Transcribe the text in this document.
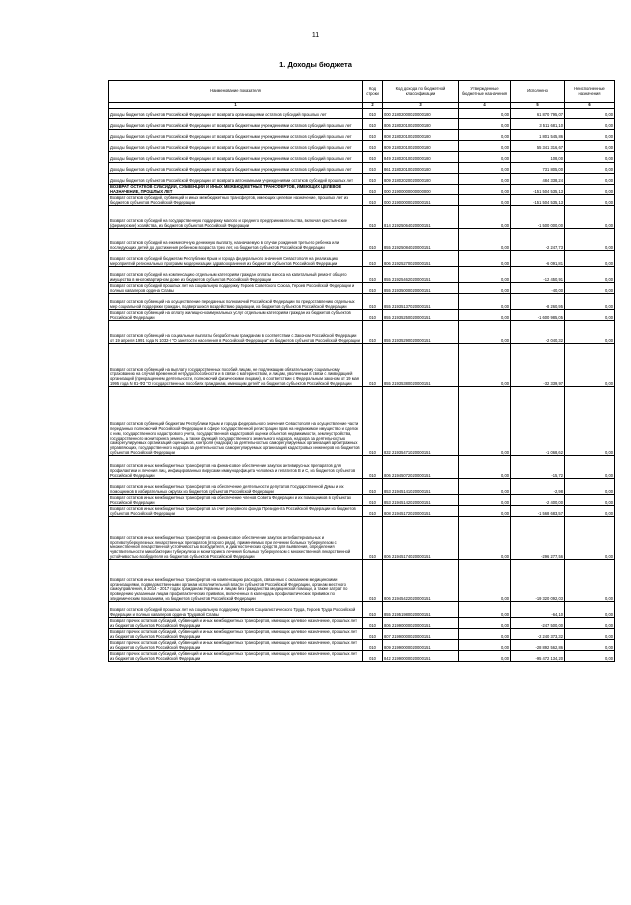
11
1. Доходы бюджета
Наименование показателя	Код строки	Код дохода по бюджетной классификации	Утвержденные бюджетные назначения	Исполнено	Неисполненные назначения
1	2	3	4	5	6
Доходы бюджетов субъектов Российской Федерации от возврата организациями остатков субсидий прошлых лет	010	000 21802000020000180	0,00	61 870 795,07	0,00
Доходы бюджетов субъектов Российской Федерации от возврата бюджетными учреждениями остатков субсидий прошлых лет	010	806 21802010020000180	0,00	3 511 681,10	0,00
Доходы бюджетов субъектов Российской Федерации от возврата бюджетными учреждениями остатков субсидий прошлых лет	010	808 21802010020000180	0,00	1 801 545,86	0,00
Доходы бюджетов субъектов Российской Федерации от возврата бюджетными учреждениями остатков субсидий прошлых лет	010	809 21802010020000180	0,00	55 341 316,67	0,00
Доходы бюджетов субъектов Российской Федерации от возврата бюджетными учреждениями остатков субсидий прошлых лет	010	849 21802010020000180	0,00	108,00	0,00
Доходы бюджетов субъектов Российской Федерации от возврата бюджетными учреждениями остатков субсидий прошлых лет	010	861 21802010020000180	0,00	731 805,00	0,00
Доходы бюджетов субъектов Российской Федерации от возврата автономными учреждениями остатков субсидий прошлых лет	010	809 21802020020000180	0,00	484 338,24	0,00
ВОЗВРАТ ОСТАТКОВ СУБСИДИЙ, СУБВЕНЦИЙ И ИНЫХ МЕЖБЮДЖЕТНЫХ ТРАНСФЕРТОВ, ИМЕЮЩИХ ЦЕЛЕВОЕ НАЗНАЧЕНИЕ, ПРОШЛЫХ ЛЕТ	010	000 21900000000000000	0,00	-151 504 535,13	0,00
Возврат остатков субсидий, субвенций и иных межбюджетных трансфертов, имеющих целевое назначение, прошлых лет из бюджетов субъектов Российской Федерации	010	000 21900000020000151	0,00	-151 504 535,13	0,00
Возврат остатков субсидий на государственную поддержку малого и среднего предпринимательства, включая крестьянские (фермерские) хозяйства, из бюджетов субъектов Российской Федерации	010	814 21925064020000151	0,00	-1 500 000,00	0,00
Возврат остатков субсидий на ежемесячную денежную выплату, назначаемую в случае рождения третьего ребенка или последующих детей до достижения ребенком возраста трех лет, из бюджетов субъектов Российской Федерации	010	855 21925084020000151	0,00	-2 247,73	0,00
Возврат остатков субсидий бюджетам Республики Крым и города федерального значения Севастополя на реализацию мероприятий региональных программ модернизации здравоохранения из бюджетов субъектов Российской Федерации	010	806 21925270020000151	0,00	-6 091,81	0,00
Возврат остатков субсидий на компенсацию отдельным категориям граждан оплаты взноса на капитальный ремонт общего имущества в многоквартирном доме из бюджетов субъектов Российской Федерации	010	855 21925462020000151	0,00	-12 450,91	0,00
Возврат остатков субсидий прошлых лет на социальную поддержку Героев Советского Союза, Героев Российской Федерации и полных кавалеров ордена Славы	010	855 21935000020000151	0,00	-40,00	0,00
Возврат остатков субвенций на осуществление переданных полномочий Российской Федерации по предоставлению отдельных мер социальной поддержки граждан, подвергшихся воздействию радиации, из бюджетов субъектов Российской Федерации	010	855 21935137020000151	0,00	-8 260,95	0,00
Возврат остатков субвенций на оплату жилищно-коммунальных услуг отдельным категориям граждан из бюджетов субъектов Российской Федерации	010	855 21935250020000151	0,00	-1 600 985,05	0,00
Возврат остатков субвенций на социальные выплаты безработным гражданам в соответствии с Законом Российской Федерации от 19 апреля 1991 года N 1032-I "О занятости населения в Российской Федерации" из бюджетов субъектов Российской Федерации	010	855 21935290020000151	0,00	-2 040,32	0,00
Возврат остатков субвенций на выплату государственных пособий лицам, не подлежащим обязательному социальному страхованию на случай временной нетрудоспособности и в связи с материнством, и лицам, уволенным в связи с ликвидацией организаций (прекращением деятельности, полномочий физическими лицами), в соответствии с Федеральным законом от 19 мая 1995 года N 81-ФЗ "О государственных пособиях гражданам, имеющим детей" из бюджетов субъектов Российской Федерации	010	855 21935380020000151	0,00	-32 339,97	0,00
Возврат остатков субвенций бюджетам Республики Крым и города федерального значения Севастополя на осуществление части переданных полномочий Российской Федерации в сфере государственной регистрации прав на недвижимое имущество и сделок с ним, государственного кадастрового учета, государственной кадастровой оценки объектов недвижимости, землеустройства, государственного мониторинга земель, а также функций государственного земельного надзора, надзора за деятельностью саморегулируемых организаций оценщиков, контроля (надзора) за деятельностью саморегулируемых организаций арбитражных управляющих, государственного надзора за деятельностью саморегулируемых организаций кадастровых инженеров из бюджетов субъектов Российской Федерации	010	832 21935471020000151	0,00	-1 068,62	0,00
Возврат остатков иных межбюджетных трансфертов на финансовое обеспечение закупок антивирусных препаратов для профилактики и лечения лиц, инфицированных вирусами иммунодефицита человека и гепатитов B и C, из бюджетов субъектов Российской Федерации	010	806 21945072020000151	0,00	-15,72	0,00
Возврат остатков иных межбюджетных трансфертов на обеспечение деятельности депутатов Государственной Думы и их помощников в избирательных округах из бюджетов субъектов Российской Федерации	010	853 21945141020000151	0,00	-2,98	0,00
Возврат остатков иных межбюджетных трансфертов на обеспечение членов Совета Федерации и их помощников в субъектах Российской Федерации	010	853 21945142020000151	0,00	-2 400,00	0,00
Возврат остатков иных межбюджетных трансфертов за счет резервного фонда Президента Российской Федерации из бюджетов субъектов Российской Федерации	010	808 21945172020000151	0,00	-1 568 683,57	0,00
Возврат остатков иных межбюджетных трансфертов на финансовое обеспечение закупок антибактериальных и противотуберкулезных лекарственных препаратов (второго ряда), применяемых при лечении больных туберкулезом с множественной лекарственной устойчивостью возбудителя, и диагностических средств для выявления, определения чувствительности микобактерии туберкулеза и мониторинга лечения больных туберкулезом с множественной лекарственной устойчивостью возбудителя из бюджетов субъектов Российской Федерации	010	806 21945174020000151	0,00	-296 277,56	0,00
Возврат остатков иных межбюджетных трансфертов на компенсацию расходов, связанных с оказанием медицинскими организациями, подведомственными органам исполнительной власти субъектов Российской Федерации, органам местного самоуправления, в 2014 - 2017 годах гражданам Украины и лицам без гражданства медицинской помощи, а также затрат по проведению указанным лицам профилактических прививок, включенных в календарь профилактических прививок по эпидемическим показаниям, из бюджетов субъектов Российской Федерации	010	806 21945422020000151	0,00	-19 320 092,03	0,00
Возврат остатков субсидий прошлых лет на социальную поддержку Героев Социалистического Труда, Героев Труда Российской Федерации и полных кавалеров ордена Трудовой Славы	010	855 21951980020000151	0,00	-64,10	0,00
Возврат прочих остатков субсидий, субвенций и иных межбюджетных трансфертов, имеющих целевое назначение, прошлых лет из бюджетов субъектов Российской Федерации	010	806 21990000020000151	0,00	-247 500,00	0,00
Возврат прочих остатков субсидий, субвенций и иных межбюджетных трансфертов, имеющих целевое назначение, прошлых лет из бюджетов субъектов Российской Федерации	010	807 21990000020000151	0,00	-2 240 373,32	0,00
Возврат прочих остатков субсидий, субвенций и иных межбюджетных трансфертов, имеющих целевое назначение, прошлых лет из бюджетов субъектов Российской Федерации	010	809 21990000020000151	0,00	-28 892 562,86	0,00
Возврат прочих остатков субсидий, субвенций и иных межбюджетных трансфертов, имеющих целевое назначение, прошлых лет из бюджетов субъектов Российской Федерации	010	842 21990000020000151	0,00	-95 472 134,20	0,00
